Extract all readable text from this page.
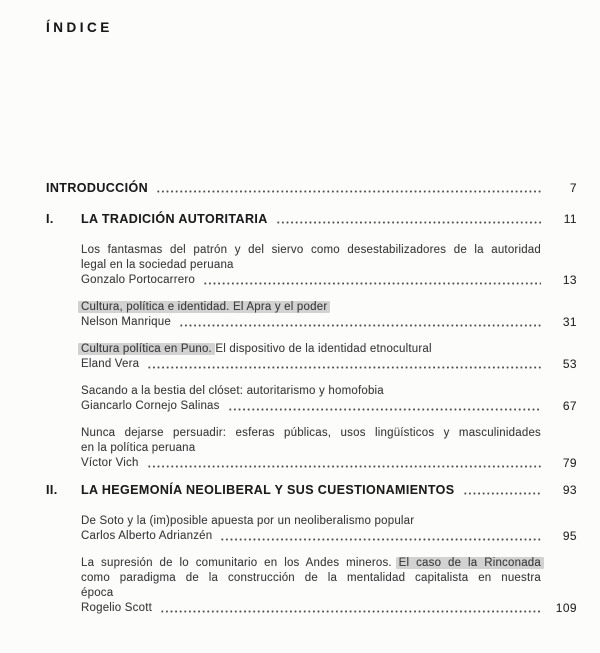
ÍNDICE
INTRODUCCIÓN	7
I.	LA TRADICIÓN AUTORITARIA	11
Los fantasmas del patrón y del siervo como desestabilizadores de la autoridad
legal en la sociedad peruana
Gonzalo Portocarrero	13
Cultura, política e identidad. El Apra y el poder
Nelson Manrique	31
Cultura política en Puno. El dispositivo de la identidad etnocultural
Eland Vera	53
Sacando a la bestia del clóset: autoritarismo y homofobia
Giancarlo Cornejo Salinas	67
Nunca dejarse persuadir: esferas públicas, usos lingüísticos y masculinidades
en la política peruana
Víctor Vich	79
II.	LA HEGEMONÍA NEOLIBERAL Y SUS CUESTIONAMIENTOS	93
De Soto y la (im)posible apuesta por un neoliberalismo popular
Carlos Alberto Adrianzén	95
La supresión de lo comunitario en los Andes mineros. El caso de la Rinconada
como paradigma de la construcción de la mentalidad capitalista en nuestra
época
Rogelio Scott	109
